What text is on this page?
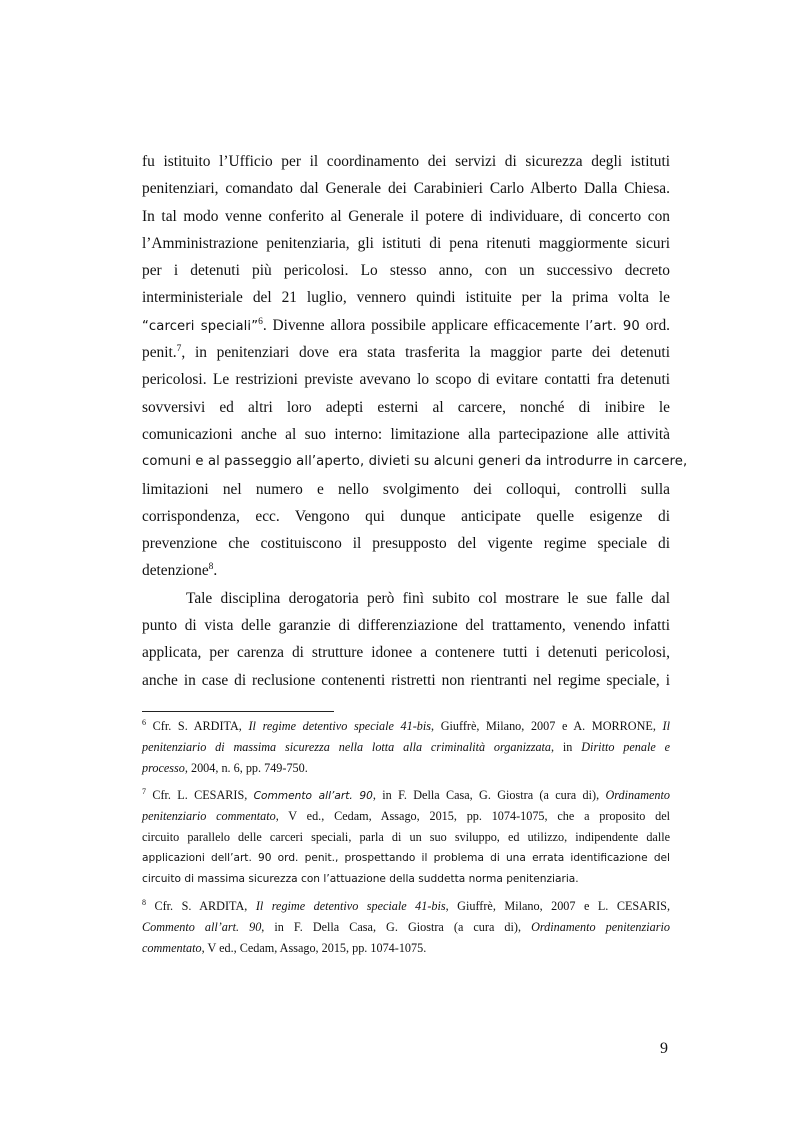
fu istituito l’Ufficio per il coordinamento dei servizi di sicurezza degli istituti
penitenziari, comandato dal Generale dei Carabinieri Carlo Alberto Dalla Chiesa.
In tal modo venne conferito al Generale il potere di individuare, di concerto con
l’Amministrazione penitenziaria, gli istituti di pena ritenuti maggiormente sicuri
per i detenuti più pericolosi. Lo stesso anno, con un successivo decreto
interministeriale del 21 luglio, vennero quindi istituite per la prima volta le
“carceri speciali”$^6$. Divenne allora possibile applicare efficacemente l’art. 90 ord.
penit.$^7$, in penitenziari dove era stata trasferita la maggior parte dei detenuti
pericolosi. Le restrizioni previste avevano lo scopo di evitare contatti fra detenuti
sovversivi ed altri loro adepti esterni al carcere, nonché di inibire le
comunicazioni anche al suo interno: limitazione alla partecipazione alle attività
comuni e al passeggio all’aperto, divieti su alcuni generi da introdurre in carcere,
limitazioni nel numero e nello svolgimento dei colloqui, controlli sulla
corrispondenza, ecc. Vengono qui dunque anticipate quelle esigenze di
prevenzione che costituiscono il presupposto del vigente regime speciale di
detenzione$^8$.
Tale disciplina derogatoria però finì subito col mostrare le sue falle dal
punto di vista delle garanzie di differenziazione del trattamento, venendo infatti
applicata, per carenza di strutture idonee a contenere tutti i detenuti pericolosi,
anche in case di reclusione contenenti ristretti non rientranti nel regime speciale, i
$^6$ Cfr. S. ARDITA, Il regime detentivo speciale 41-bis, Giuffrè, Milano, 2007 e A. MORRONE, Il
penitenziario di massima sicurezza nella lotta alla criminalità organizzata, in Diritto penale e
processo, 2004, n. 6, pp. 749-750.
$^7$ Cfr. L. CESARIS, Commento all’art. 90, in F. Della Casa, G. Giostra (a cura di), Ordinamento
penitenziario commentato, V ed., Cedam, Assago, 2015, pp. 1074-1075, che a proposito del
circuito parallelo delle carceri speciali, parla di un suo sviluppo, ed utilizzo, indipendente dalle
applicazioni dell’art. 90 ord. penit., prospettando il problema di una errata identificazione del
circuito di massima sicurezza con l’attuazione della suddetta norma penitenziaria.
$^8$ Cfr. S. ARDITA, Il regime detentivo speciale 41-bis, Giuffrè, Milano, 2007 e L. CESARIS,
Commento all’art. 90, in F. Della Casa, G. Giostra (a cura di), Ordinamento penitenziario
commentato, V ed., Cedam, Assago, 2015, pp. 1074-1075.
9
